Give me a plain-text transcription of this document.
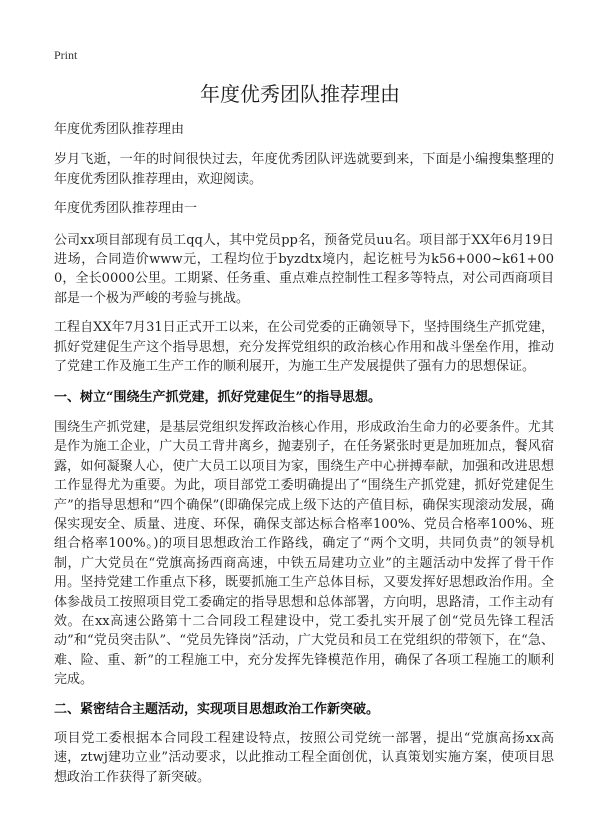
Print
年度优秀团队推荐理由

年度优秀团队推荐理由

岁月飞逝，一年的时间很快过去，年度优秀团队评选就要到来，下面是小编搜集整理的年度优秀团队推荐理由，欢迎阅读。

年度优秀团队推荐理由一

公司xx项目部现有员工qq人，其中党员pp名，预备党员uu名。项目部于XX年6月19日进场，合同造价www元，工程均位于byzdtx境内，起讫桩号为k56+000~k61+000，全长0000公里。工期紧、任务重、重点难点控制性工程多等特点，对公司西商项目部是一个极为严峻的考验与挑战。

工程自XX年7月31日正式开工以来，在公司党委的正确领导下，坚持围绕生产抓党建，抓好党建促生产这个指导思想，充分发挥党组织的政治核心作用和战斗堡垒作用，推动了党建工作及施工生产工作的顺利展开，为施工生产发展提供了强有力的思想保证。

一、树立“围绕生产抓党建，抓好党建促生”的指导思想。

围绕生产抓党建，是基层党组织发挥政治核心作用，形成政治生命力的必要条件。尤其是作为施工企业，广大员工背井离乡，抛妻别子，在任务紧张时更是加班加点，餐风宿露，如何凝聚人心，使广大员工以项目为家，围绕生产中心拼搏奉献，加强和改进思想工作显得尤为重要。为此，项目部党工委明确提出了“围绕生产抓党建，抓好党建促生产”的指导思想和“四个确保”(即确保完成上级下达的产值目标，确保实现滚动发展，确保实现安全、质量、进度、环保，确保支部达标合格率100%、党员合格率100%、班组合格率100%。)的项目思想政治工作路线，确定了“两个文明，共同负责”的领导机制，广大党员在“党旗高扬西商高速，中铁五局建功立业”的主题活动中发挥了骨干作用。坚持党建工作重点下移，既要抓施工生产总体目标，又要发挥好思想政治作用。全体参战员工按照项目党工委确定的指导思想和总体部署，方向明，思路清，工作主动有效。在xx高速公路第十二合同段工程建设中，党工委扎实开展了创“党员先锋工程活动”和“党员突击队”、“党员先锋岗”活动，广大党员和员工在党组织的带领下，在“急、难、险、重、新”的工程施工中，充分发挥先锋模范作用，确保了各项工程施工的顺利完成。

二、紧密结合主题活动，实现项目思想政治工作新突破。

项目党工委根据本合同段工程建设特点，按照公司党统一部署，提出“党旗高扬xx高速，ztwj建功立业”活动要求，以此推动工程全面创优，认真策划实施方案，使项目思想政治工作获得了新突破。
